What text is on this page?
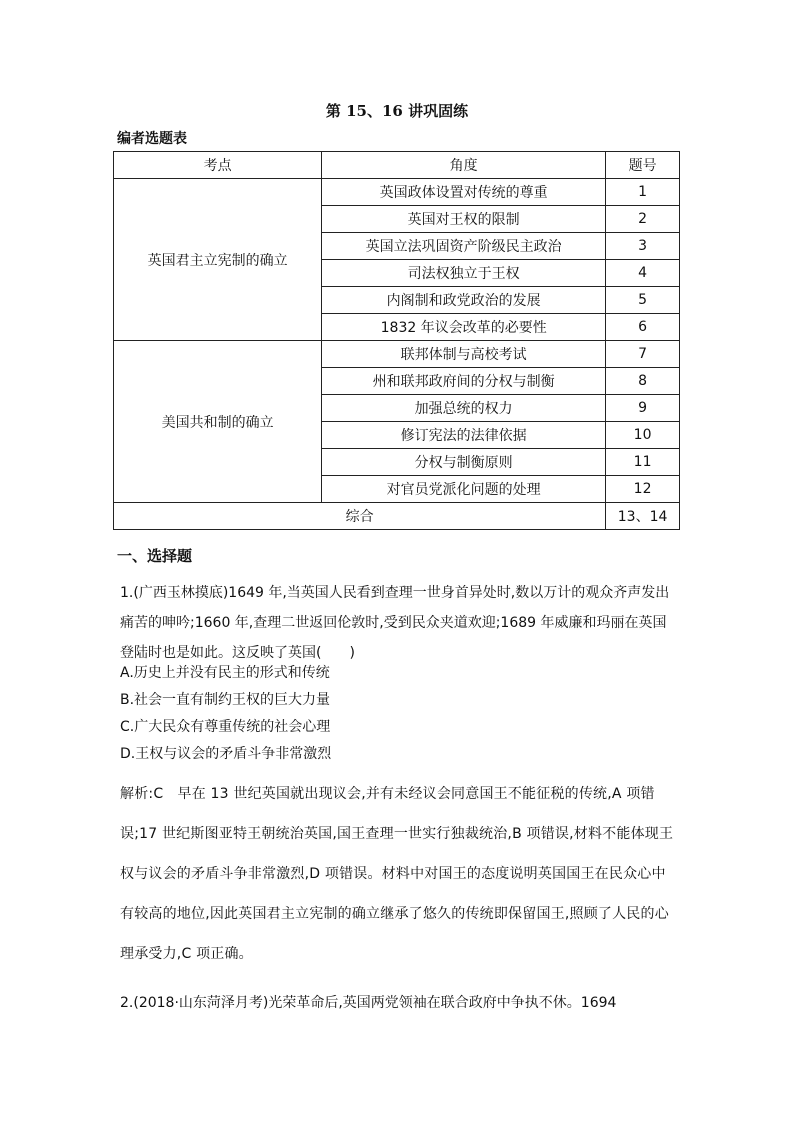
第 15、16 讲巩固练
编者选题表
考点	角度	题号
英国君主立宪制的确立	英国政体设置对传统的尊重	1
	英国对王权的限制	2
	英国立法巩固资产阶级民主政治	3
	司法权独立于王权	4
	内阁制和政党政治的发展	5
	1832 年议会改革的必要性	6
美国共和制的确立	联邦体制与高校考试	7
	州和联邦政府间的分权与制衡	8
	加强总统的权力	9
	修订宪法的法律依据	10
	分权与制衡原则	11
	对官员党派化问题的处理	12
综合		13、14
一、选择题
1.(广西玉林摸底)1649 年,当英国人民看到查理一世身首异处时,数以万计的观众齐声发出痛苦的呻吟;1660 年,查理二世返回伦敦时,受到民众夹道欢迎;1689 年威廉和玛丽在英国登陆时也是如此。这反映了英国(　　)
A.历史上并没有民主的形式和传统
B.社会一直有制约王权的巨大力量
C.广大民众有尊重传统的社会心理
D.王权与议会的矛盾斗争非常激烈
解析:C　早在 13 世纪英国就出现议会,并有未经议会同意国王不能征税的传统,A 项错误;17 世纪斯图亚特王朝统治英国,国王查理一世实行独裁统治,B 项错误,材料不能体现王权与议会的矛盾斗争非常激烈,D 项错误。材料中对国王的态度说明英国国王在民众心中有较高的地位,因此英国君主立宪制的确立继承了悠久的传统即保留国王,照顾了人民的心理承受力,C 项正确。
2.(2018·山东菏泽月考)光荣革命后,英国两党领袖在联合政府中争执不休。1694
